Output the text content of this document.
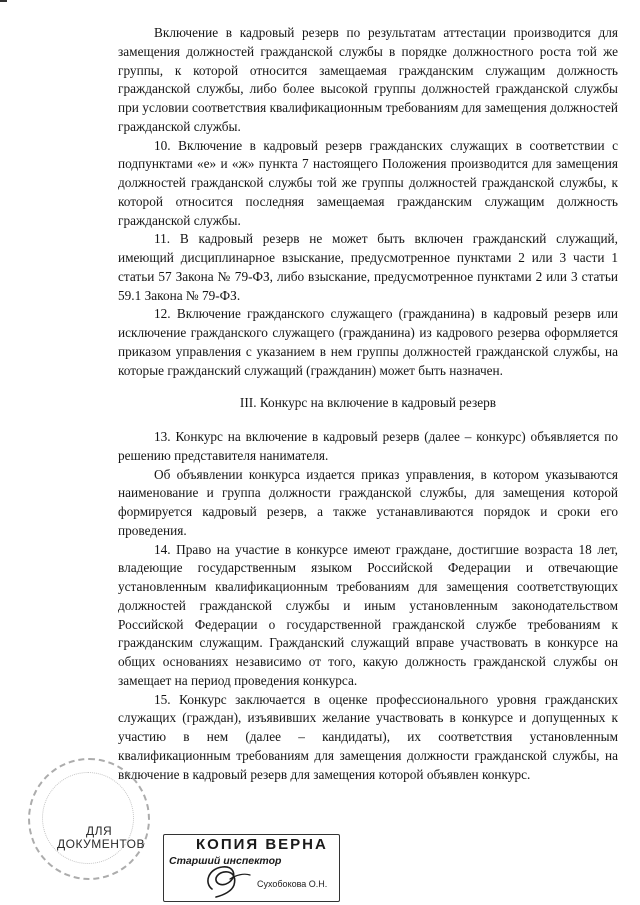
Включение в кадровый резерв по результатам аттестации производится для замещения должностей гражданской службы в порядке должностного роста той же группы, к которой относится замещаемая гражданским служащим должность гражданской службы, либо более высокой группы должностей гражданской службы при условии соответствия квалификационным требованиям для замещения должностей гражданской службы.

10. Включение в кадровый резерв гражданских служащих в соответствии с подпунктами «е» и «ж» пункта 7 настоящего Положения производится для замещения должностей гражданской службы той же группы должностей гражданской службы, к которой относится последняя замещаемая гражданским служащим должность гражданской службы.

11. В кадровый резерв не может быть включен гражданский служащий, имеющий дисциплинарное взыскание, предусмотренное пунктами 2 или 3 части 1 статьи 57 Закона № 79-ФЗ, либо взыскание, предусмотренное пунктами 2 или 3 статьи 59.1 Закона № 79-ФЗ.

12. Включение гражданского служащего (гражданина) в кадровый резерв или исключение гражданского служащего (гражданина) из кадрового резерва оформляется приказом управления с указанием в нем группы должностей гражданской службы, на которые гражданский служащий (гражданин) может быть назначен.

III. Конкурс на включение в кадровый резерв

13. Конкурс на включение в кадровый резерв (далее – конкурс) объявляется по решению представителя нанимателя.

Об объявлении конкурса издается приказ управления, в котором указываются наименование и группа должности гражданской службы, для замещения которой формируется кадровый резерв, а также устанавливаются порядок и сроки его проведения.

14. Право на участие в конкурсе имеют граждане, достигшие возраста 18 лет, владеющие государственным языком Российской Федерации и отвечающие установленным квалификационным требованиям для замещения соответствующих должностей гражданской службы и иным установленным законодательством Российской Федерации о государственной гражданской службе требованиям к гражданским служащим. Гражданский служащий вправе участвовать в конкурсе на общих основаниях независимо от того, какую должность гражданской службы он замещает на период проведения конкурса.

15. Конкурс заключается в оценке профессионального уровня гражданских служащих (граждан), изъявивших желание участвовать в конкурсе и допущенных к участию в нем (далее – кандидаты), их соответствия установленным квалификационным требованиям для замещения должности гражданской службы, на включение в кадровый резерв для замещения которой объявлен конкурс.

ДЛЯ
ДОКУМЕНТОВ	КОПИЯ ВЕРНА
Старший инспектор
Сухобокова О.Н.
